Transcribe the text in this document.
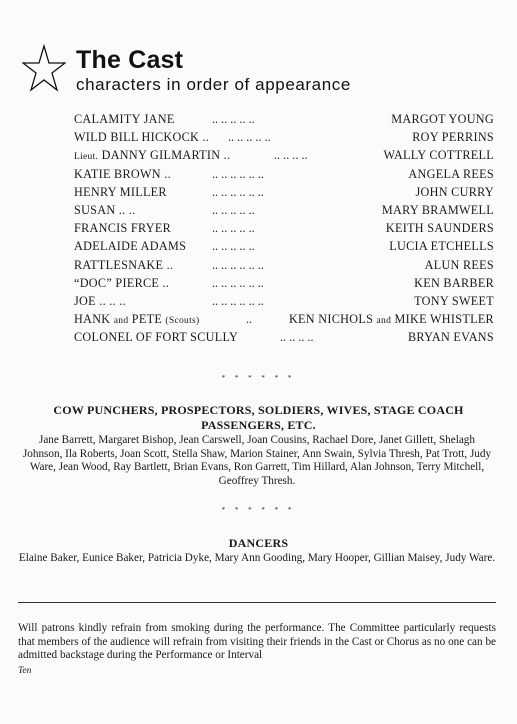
The Cast
characters in order of appearance
CALAMITY JANE	.. .. .. .. ..	MARGOT YOUNG
WILD BILL HICKOCK .. .. .. .. .. ..	ROY PERRINS
Lieut. DANNY GILMARTIN ..	.. .. .. ..	WALLY COTTRELL
KATIE BROWN ..	.. .. .. .. .. ..	ANGELA REES
HENRY MILLER	.. .. .. .. .. ..	JOHN CURRY
SUSAN .. ..	.. .. .. .. ..	MARY BRAMWELL
FRANCIS FRYER	.. .. .. .. ..	KEITH SAUNDERS
ADELAIDE ADAMS .. .. .. .. ..	LUCIA ETCHELLS
RATTLESNAKE ..	.. .. .. .. .. ..	ALUN REES
“DOC” PIERCE ..	.. .. .. .. .. ..	KEN BARBER
JOE .. .. ..	.. .. .. .. .. ..	TONY SWEET
HANK and PETE (Scouts)	..	KEN NICHOLS and MIKE WHISTLER
COLONEL OF FORT SCULLY	.. .. .. ..	BRYAN EVANS
* * * * * *
COW PUNCHERS, PROSPECTORS, SOLDIERS, WIVES, STAGE COACH
PASSENGERS, ETC.
Jane Barrett, Margaret Bishop, Jean Carswell, Joan Cousins, Rachael Dore, Janet Gillett, Shelagh Johnson, Ila Roberts, Joan Scott, Stella Shaw, Marion Stainer, Ann Swain, Sylvia Thresh, Pat Trott, Judy Ware, Jean Wood, Ray Bartlett, Brian Evans, Ron Garrett, Tim Hillard, Alan Johnson, Terry Mitchell, Geoffrey Thresh.
* * * * * *
DANCERS
Elaine Baker, Eunice Baker, Patricia Dyke, Mary Ann Gooding, Mary Hooper, Gillian Maisey, Judy Ware.
Will patrons kindly refrain from smoking during the performance. The Committee particularly requests that members of the audience will refrain from visiting their friends in the Cast or Chorus as no one can be admitted backstage during the Performance or Interval
Ten
